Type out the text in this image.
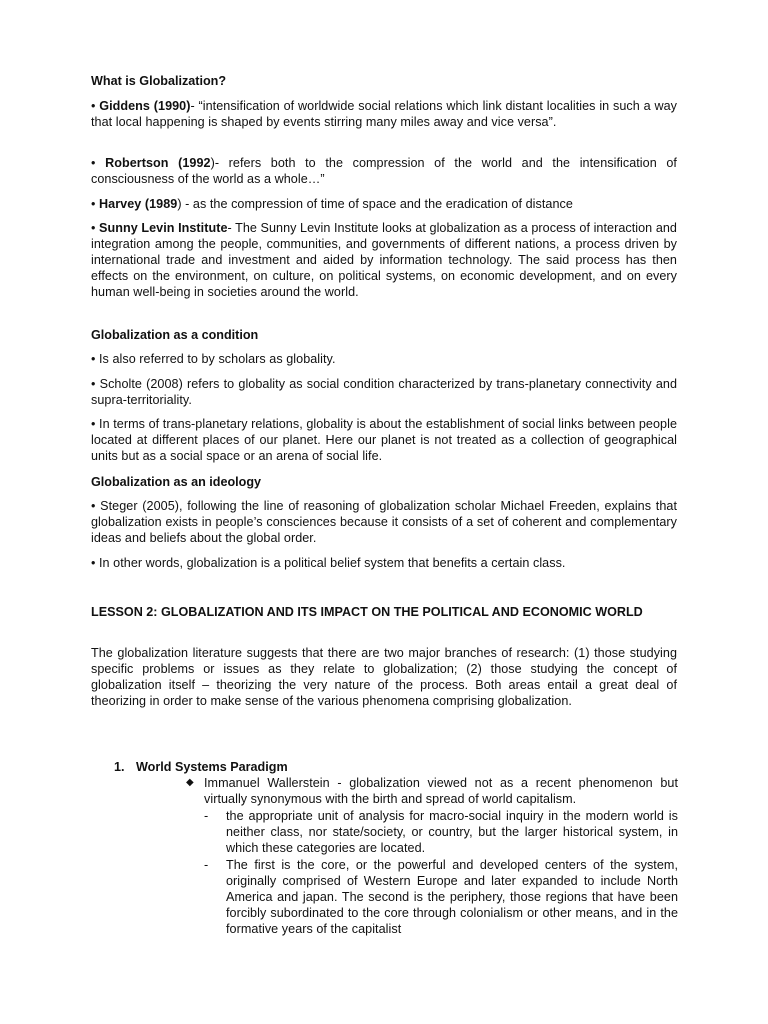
What is Globalization?

• Giddens (1990)- “intensification of worldwide social relations which link distant localities in such a way that local happening is shaped by events stirring many miles away and vice versa”.

• Robertson (1992)- refers both to the compression of the world and the intensification of consciousness of the world as a whole…”

• Harvey (1989) - as the compression of time of space and the eradication of distance

• Sunny Levin Institute- The Sunny Levin Institute looks at globalization as a process of interaction and integration among the people, communities, and governments of different nations, a process driven by international trade and investment and aided by information technology. The said process has then effects on the environment, on culture, on political systems, on economic development, and on every human well-being in societies around the world.

Globalization as a condition

• Is also referred to by scholars as globality.

• Scholte (2008) refers to globality as social condition characterized by trans-planetary connectivity and supra-territoriality.

• In terms of trans-planetary relations, globality is about the establishment of social links between people located at different places of our planet. Here our planet is not treated as a collection of geographical units but as a social space or an arena of social life.

Globalization as an ideology

• Steger (2005), following the line of reasoning of globalization scholar Michael Freeden, explains that globalization exists in people’s consciences because it consists of a set of coherent and complementary ideas and beliefs about the global order.

• In other words, globalization is a political belief system that benefits a certain class.

LESSON 2: GLOBALIZATION AND ITS IMPACT ON THE POLITICAL AND ECONOMIC WORLD

The globalization literature suggests that there are two major branches of research: (1) those studying specific problems or issues as they relate to globalization; (2) those studying the concept of globalization itself – theorizing the very nature of the process. Both areas entail a great deal of theorizing in order to make sense of the various phenomena comprising globalization.

1. World Systems Paradigm

◆ Immanuel Wallerstein - globalization viewed not as a recent phenomenon but virtually synonymous with the birth and spread of world capitalism.
- the appropriate unit of analysis for macro-social inquiry in the modern world is neither class, nor state/society, or country, but the larger historical system, in which these categories are located.
- The first is the core, or the powerful and developed centers of the system, originally comprised of Western Europe and later expanded to include North America and japan. The second is the periphery, those regions that have been forcibly subordinated to the core through colonialism or other means, and in the formative years of the capitalist
